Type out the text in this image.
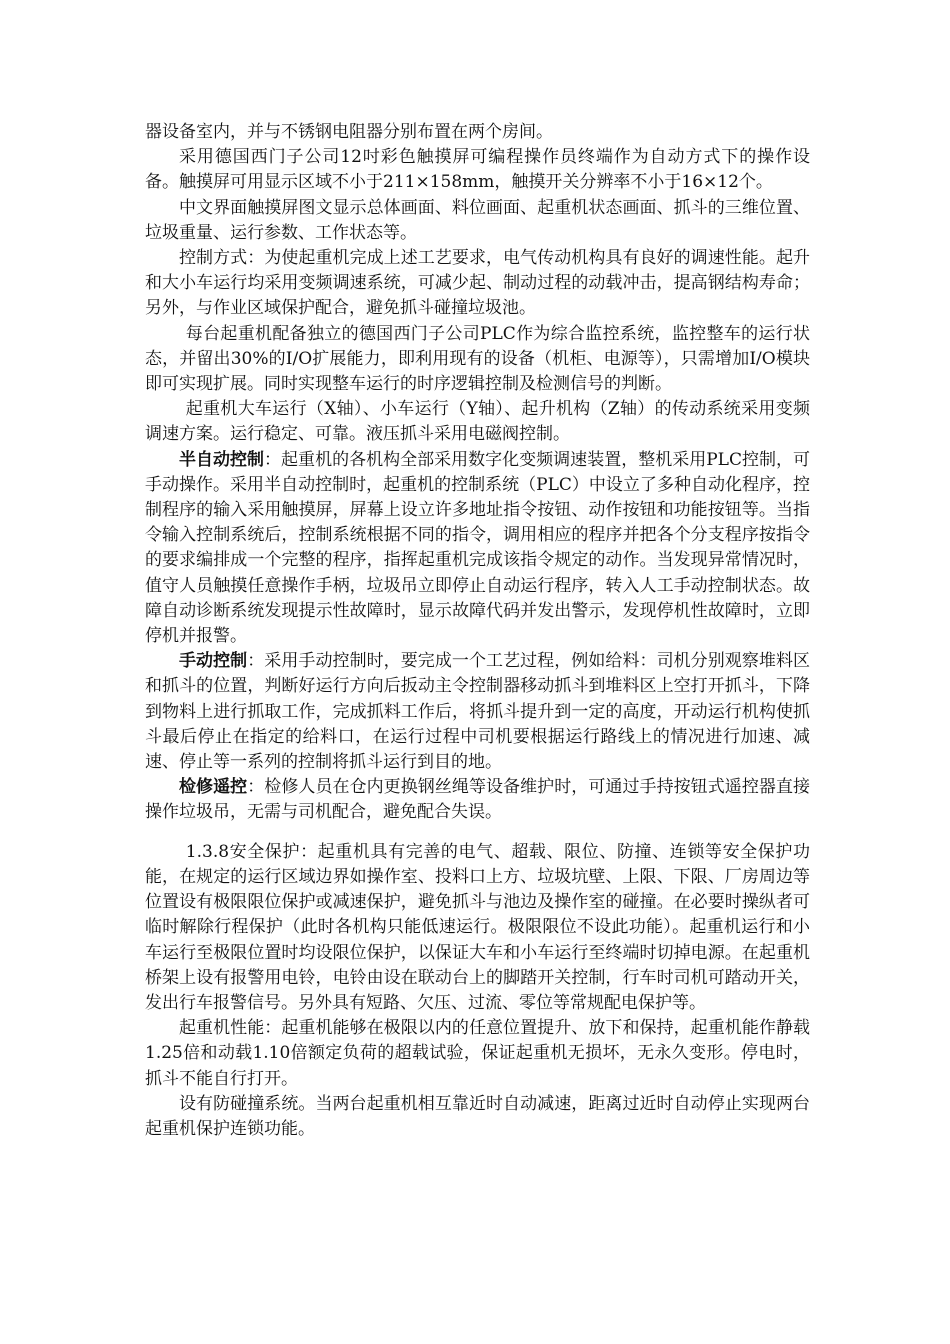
器设备室内，并与不锈钢电阻器分别布置在两个房间。

采用德国西门子公司12吋彩色触摸屏可编程操作员终端作为自动方式下的操作设备。触摸屏可用显示区域不小于211×158mm，触摸开关分辨率不小于16×12个。

中文界面触摸屏图文显示总体画面、料位画面、起重机状态画面、抓斗的三维位置、垃圾重量、运行参数、工作状态等。

控制方式：为使起重机完成上述工艺要求，电气传动机构具有良好的调速性能。起升和大小车运行均采用变频调速系统，可减少起、制动过程的动载冲击，提高钢结构寿命；另外，与作业区域保护配合，避免抓斗碰撞垃圾池。

每台起重机配备独立的德国西门子公司PLC作为综合监控系统，监控整车的运行状态，并留出30%的I/O扩展能力，即利用现有的设备（机柜、电源等），只需增加I/O模块即可实现扩展。同时实现整车运行的时序逻辑控制及检测信号的判断。

起重机大车运行（X轴）、小车运行（Y轴）、起升机构（Z轴）的传动系统采用变频调速方案。运行稳定、可靠。液压抓斗采用电磁阀控制。

半自动控制：起重机的各机构全部采用数字化变频调速装置，整机采用PLC控制，可手动操作。采用半自动控制时，起重机的控制系统（PLC）中设立了多种自动化程序，控制程序的输入采用触摸屏，屏幕上设立许多地址指令按钮、动作按钮和功能按钮等。当指令输入控制系统后，控制系统根据不同的指令，调用相应的程序并把各个分支程序按指令的要求编排成一个完整的程序，指挥起重机完成该指令规定的动作。当发现异常情况时，值守人员触摸任意操作手柄，垃圾吊立即停止自动运行程序，转入人工手动控制状态。故障自动诊断系统发现提示性故障时，显示故障代码并发出警示，发现停机性故障时，立即停机并报警。

手动控制：采用手动控制时，要完成一个工艺过程，例如给料：司机分别观察堆料区和抓斗的位置，判断好运行方向后扳动主令控制器移动抓斗到堆料区上空打开抓斗，下降到物料上进行抓取工作，完成抓料工作后，将抓斗提升到一定的高度，开动运行机构使抓斗最后停止在指定的给料口，在运行过程中司机要根据运行路线上的情况进行加速、减速、停止等一系列的控制将抓斗运行到目的地。

检修遥控：检修人员在仓内更换钢丝绳等设备维护时，可通过手持按钮式遥控器直接操作垃圾吊，无需与司机配合，避免配合失误。

1.3.8安全保护：起重机具有完善的电气、超载、限位、防撞、连锁等安全保护功能，在规定的运行区域边界如操作室、投料口上方、垃圾坑壁、上限、下限、厂房周边等位置设有极限限位保护或减速保护，避免抓斗与池边及操作室的碰撞。在必要时操纵者可临时解除行程保护（此时各机构只能低速运行。极限限位不设此功能）。起重机运行和小车运行至极限位置时均设限位保护，以保证大车和小车运行至终端时切掉电源。在起重机桥架上设有报警用电铃，电铃由设在联动台上的脚踏开关控制，行车时司机可踏动开关，发出行车报警信号。另外具有短路、欠压、过流、零位等常规配电保护等。

起重机性能：起重机能够在极限以内的任意位置提升、放下和保持，起重机能作静载1.25倍和动载1.10倍额定负荷的超载试验，保证起重机无损坏，无永久变形。停电时，抓斗不能自行打开。

设有防碰撞系统。当两台起重机相互靠近时自动减速，距离过近时自动停止实现两台起重机保护连锁功能。
